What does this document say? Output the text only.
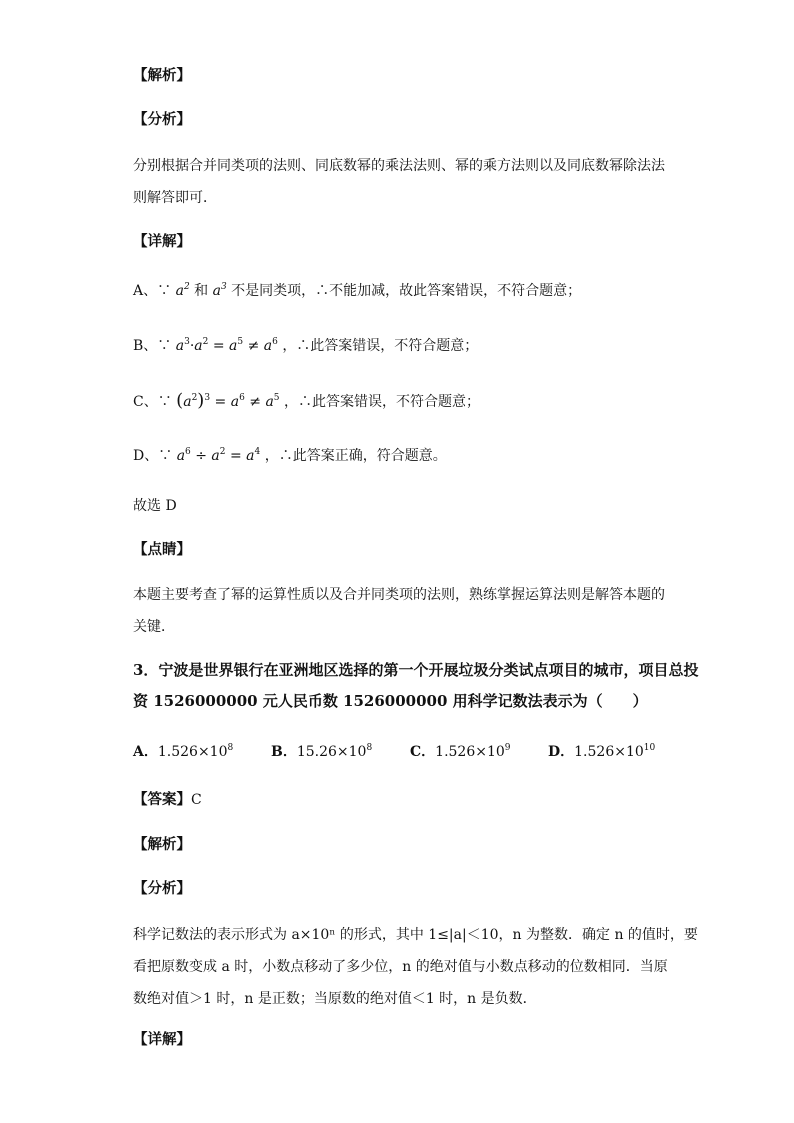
【解析】
【分析】
分别根据合并同类项的法则、同底数幂的乘法法则、幂的乘方法则以及同底数幂除法法
则解答即可．
【详解】
A、∵ $a^2$ 和 $a^3$ 不是同类项，∴不能加减，故此答案错误，不符合题意；
B、∵ $a^3\cdot a^2 = a^5 \ne a^6$ ，∴此答案错误，不符合题意；
C、∵ $(a^2)^3 = a^6 \ne a^5$ ，∴此答案错误，不符合题意；
D、∵ $a^6 \div a^2 = a^4$ ，∴此答案正确，符合题意。
故选 D
【点睛】
本题主要考查了幂的运算性质以及合并同类项的法则，熟练掌握运算法则是解答本题的
关键．
3．宁波是世界银行在亚洲地区选择的第一个开展垃圾分类试点项目的城市，项目总投
资 1526000000 元人民币数 1526000000 用科学记数法表示为（　　）
A．$1.526\times 10^8$	B．$15.26\times 10^8$	C．$1.526\times 10^9$	D．$1.526\times 10^{10}$
【答案】C
【解析】
【分析】
科学记数法的表示形式为 a×10ⁿ 的形式，其中 1≤|a|＜10，n 为整数．确定 n 的值时，要
看把原数变成 a 时，小数点移动了多少位，n 的绝对值与小数点移动的位数相同．当原
数绝对值＞1 时，n 是正数；当原数的绝对值＜1 时，n 是负数．
【详解】
